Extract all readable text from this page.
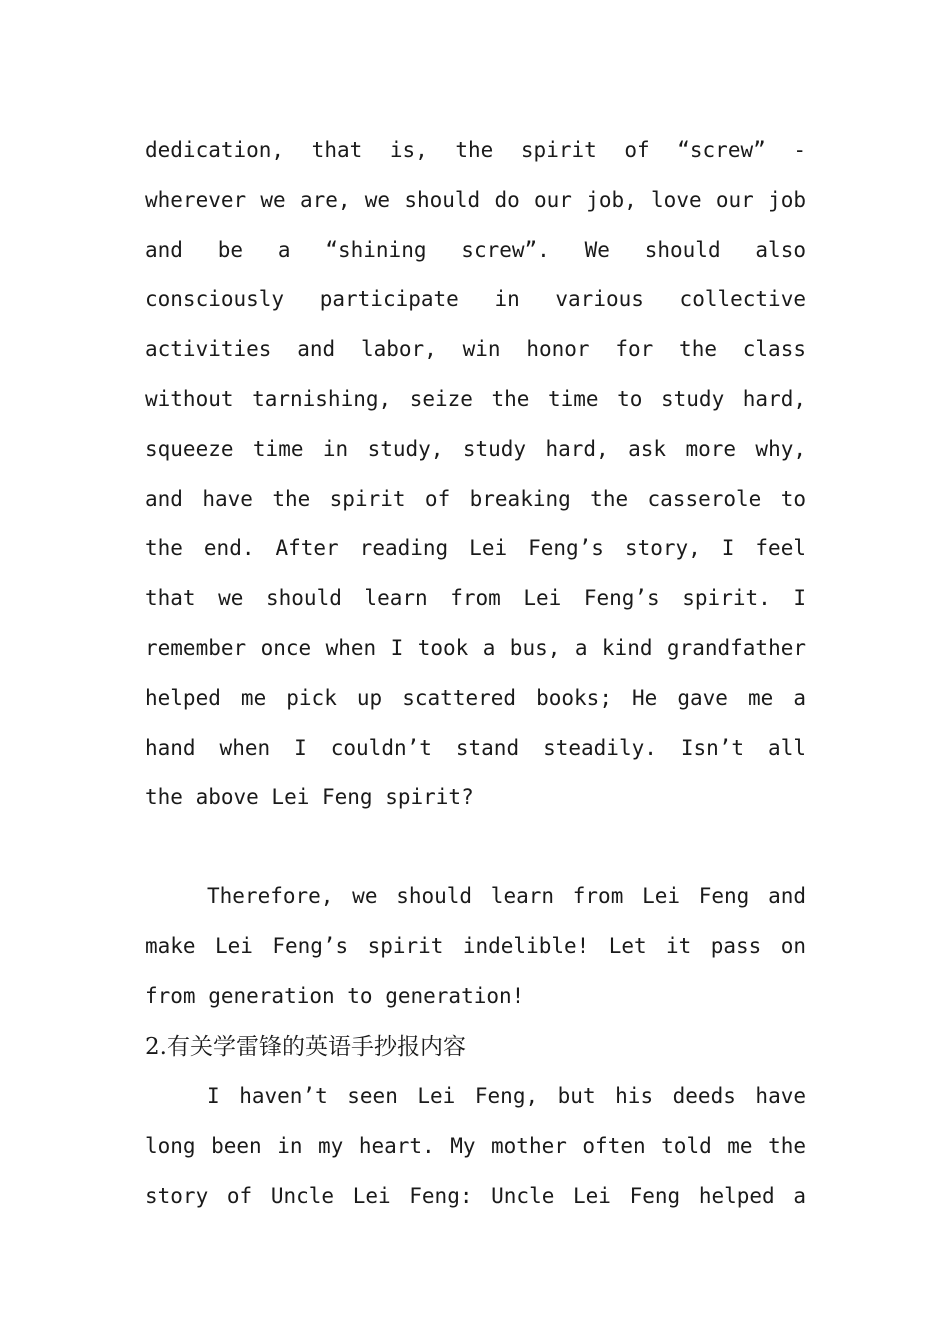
dedication, that is, the spirit of “screw” -
wherever we are, we should do our job, love our job
and be a “shining screw”. We should also
consciously participate in various collective
activities and labor, win honor for the class
without tarnishing, seize the time to study hard,
squeeze time in study, study hard, ask more why,
and have the spirit of breaking the casserole to
the end. After reading Lei Feng’s story, I feel
that we should learn from Lei Feng’s spirit. I
remember once when I took a bus, a kind grandfather
helped me pick up scattered books; He gave me a
hand when I couldn’t stand steadily. Isn’t all
the above Lei Feng spirit?
Therefore, we should learn from Lei Feng and
make Lei Feng’s spirit indelible! Let it pass on
from generation to generation!
2.有关学雷锋的英语手抄报内容
I haven’t seen Lei Feng, but his deeds have
long been in my heart. My mother often told me the
story of Uncle Lei Feng: Uncle Lei Feng helped a
